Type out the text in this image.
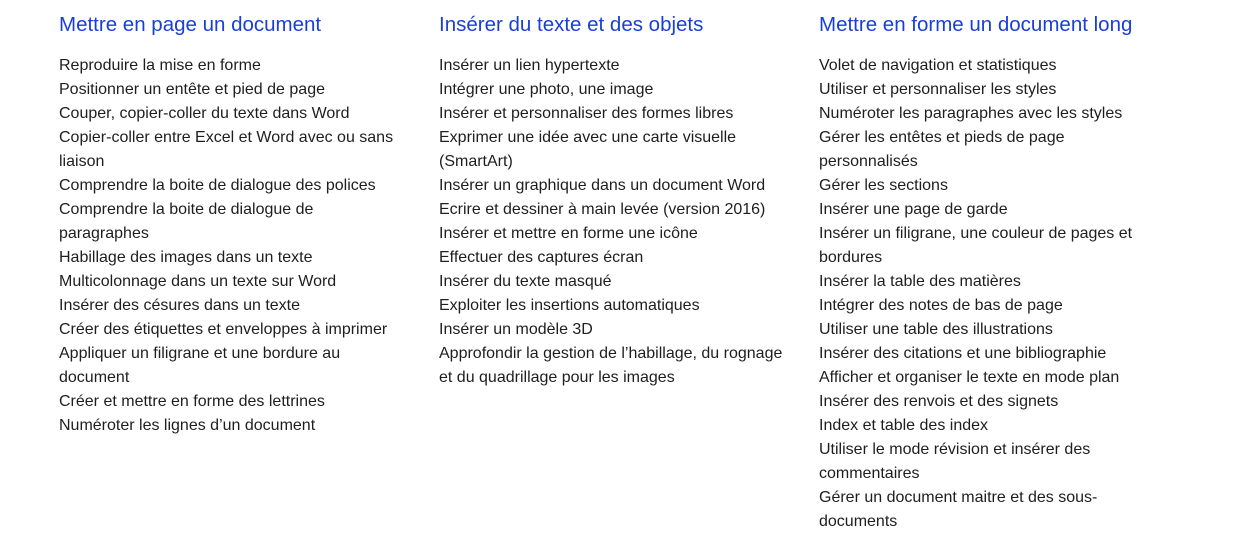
Mettre en page un document
Reproduire la mise en forme
Positionner un entête et pied de page
Couper, copier-coller du texte dans Word
Copier-coller entre Excel et Word avec ou sans liaison
Comprendre la boite de dialogue des polices
Comprendre la boite de dialogue de paragraphes
Habillage des images dans un texte
Multicolonnage dans un texte sur Word
Insérer des césures dans un texte
Créer des étiquettes et enveloppes à imprimer
Appliquer un filigrane et une bordure au document
Créer et mettre en forme des lettrines
Numéroter les lignes d’un document
Insérer du texte et des objets
Insérer un lien hypertexte
Intégrer une photo, une image
Insérer et personnaliser des formes libres
Exprimer une idée avec une carte visuelle (SmartArt)
Insérer un graphique dans un document Word
Ecrire et dessiner à main levée (version 2016)
Insérer et mettre en forme une icône
Effectuer des captures écran
Insérer du texte masqué
Exploiter les insertions automatiques
Insérer un modèle 3D
Approfondir la gestion de l’habillage, du rognage et du quadrillage pour les images
Mettre en forme un document long
Volet de navigation et statistiques
Utiliser et personnaliser les styles
Numéroter les paragraphes avec les styles
Gérer les entêtes et pieds de page personnalisés
Gérer les sections
Insérer une page de garde
Insérer un filigrane, une couleur de pages et bordures
Insérer la table des matières
Intégrer des notes de bas de page
Utiliser une table des illustrations
Insérer des citations et une bibliographie
Afficher et organiser le texte en mode plan
Insérer des renvois et des signets
Index et table des index
Utiliser le mode révision et insérer des commentaires
Gérer un document maitre et des sous-documents
